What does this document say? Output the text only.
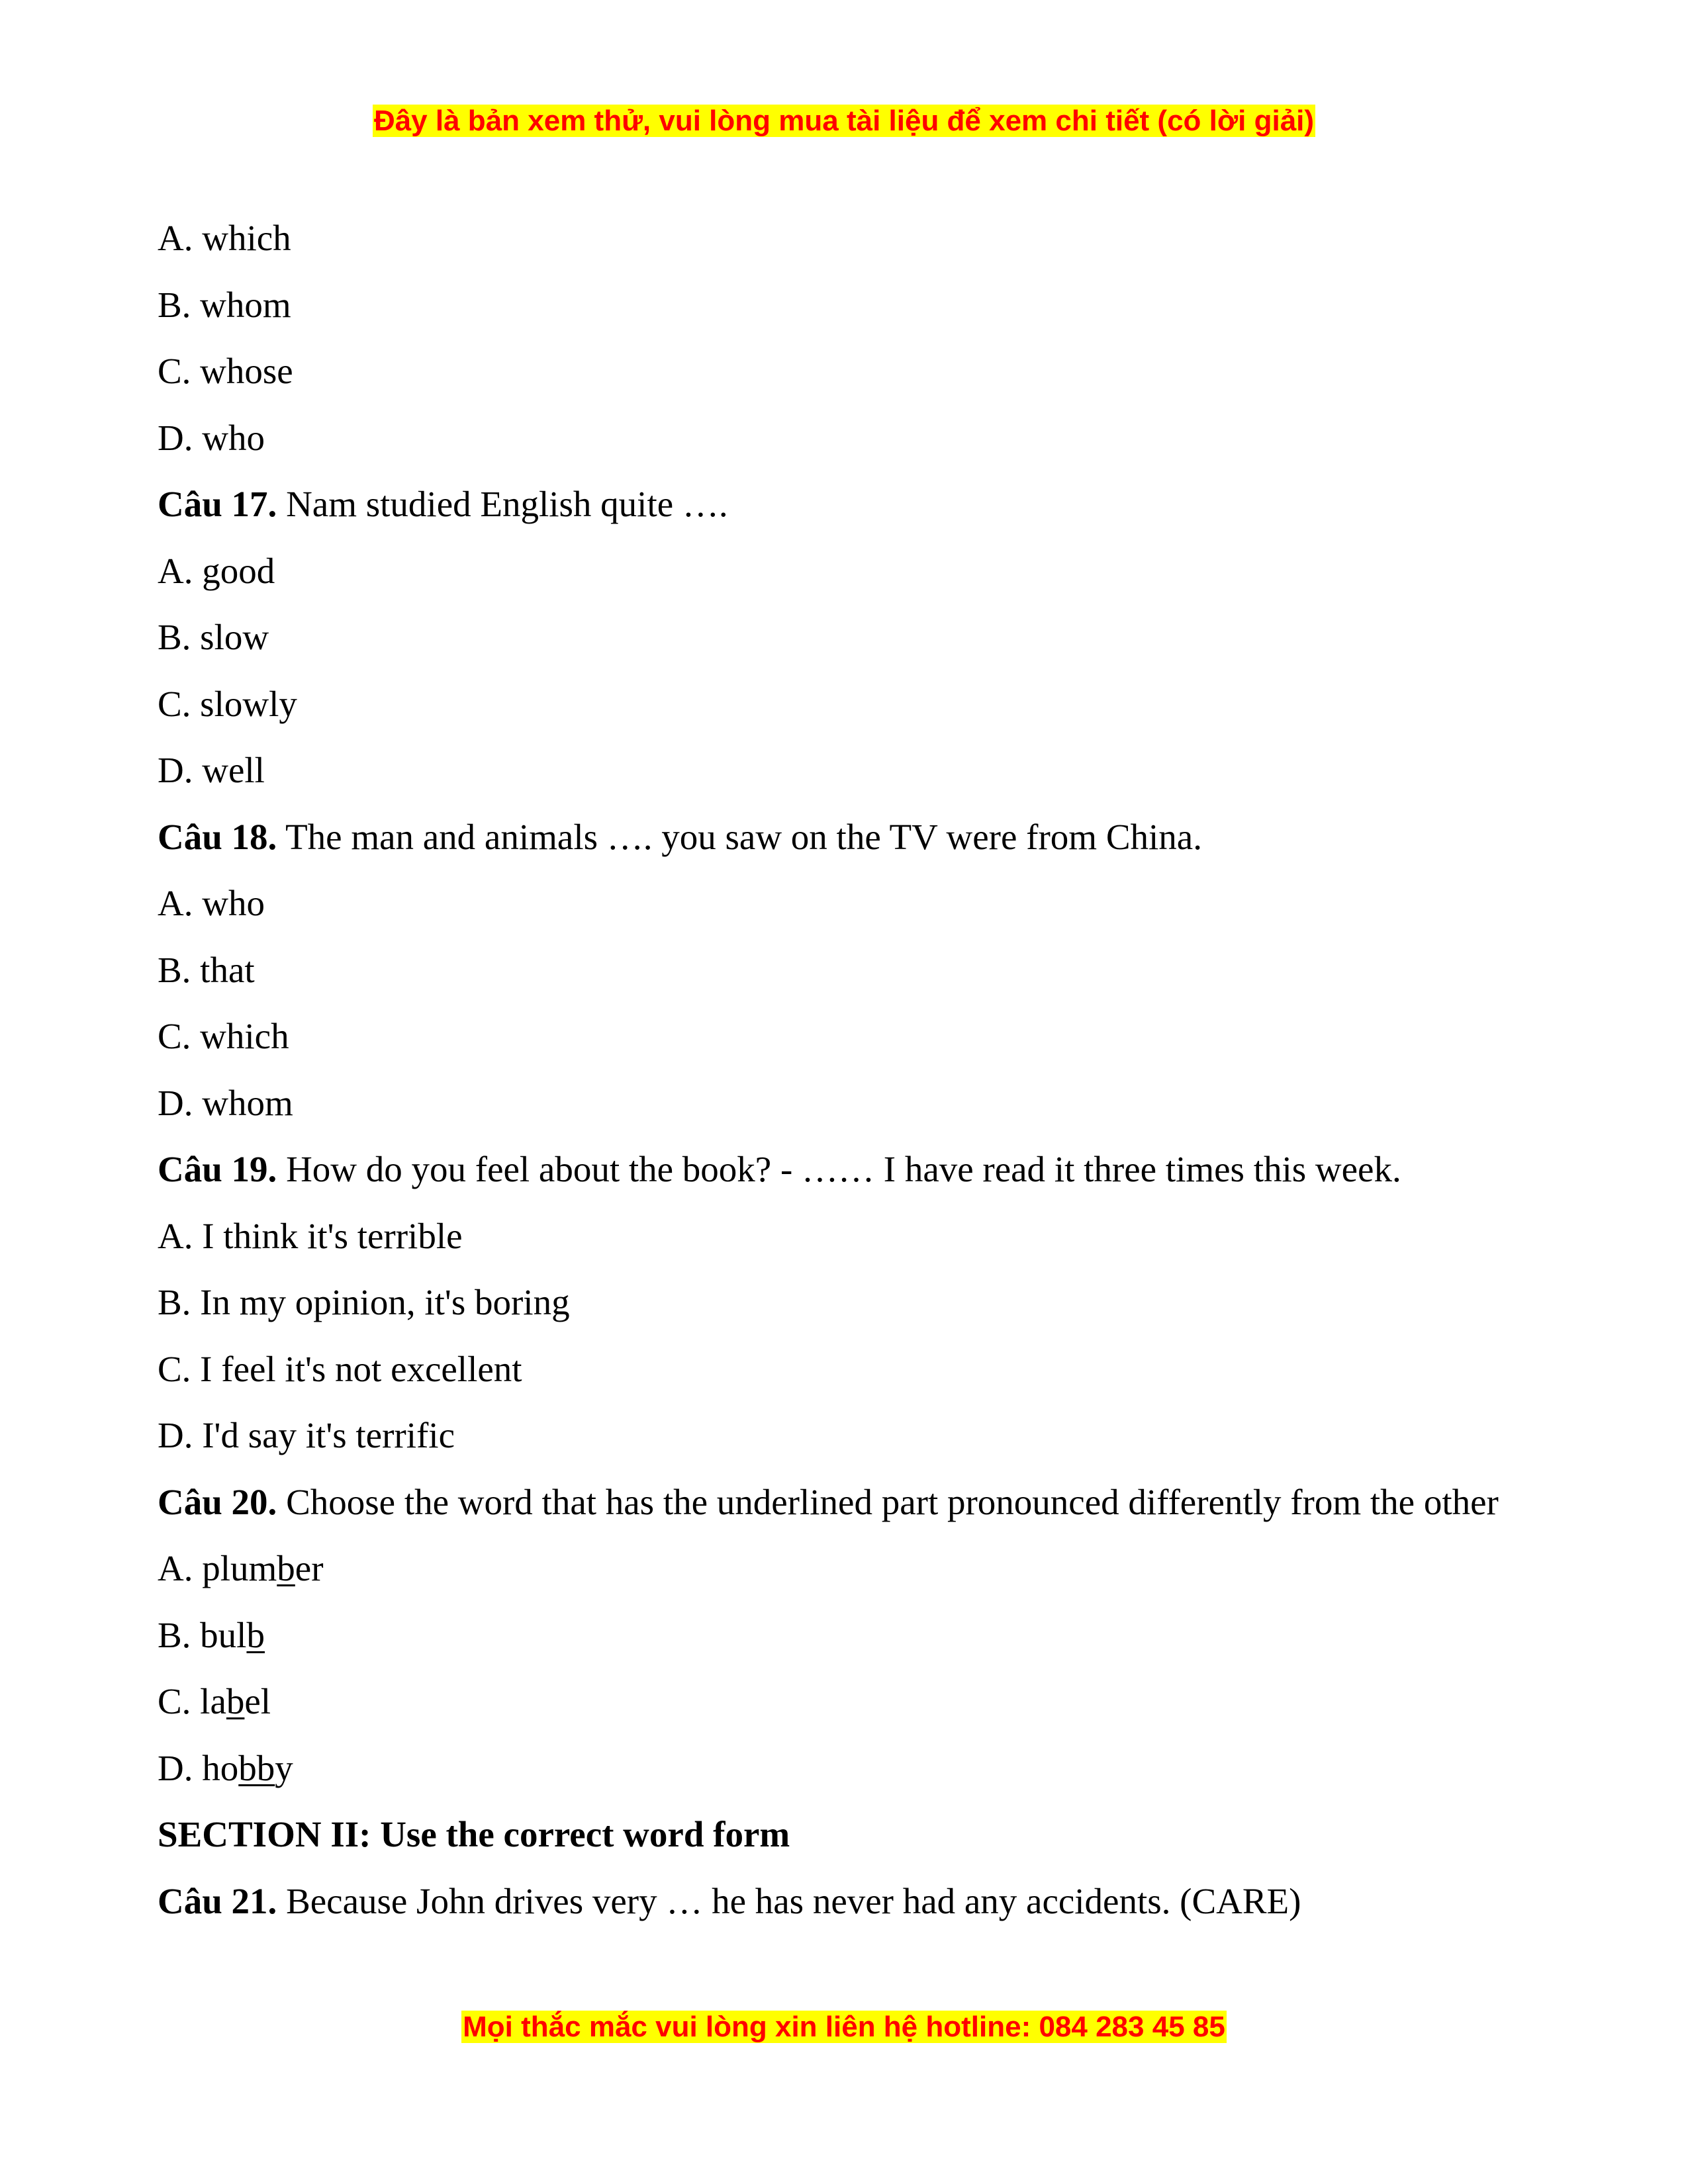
Đây là bản xem thử, vui lòng mua tài liệu để xem chi tiết (có lời giải)
A. which
B. whom
C. whose
D. who
Câu 17. Nam studied English quite ….
A. good
B. slow
C. slowly
D. well
Câu 18. The man and animals …. you saw on the TV were from China.
A. who
B. that
C. which
D. whom
Câu 19. How do you feel about the book? - …… I have read it three times this week.
A. I think it's terrible
B. In my opinion, it's boring
C. I feel it's not excellent
D. I'd say it's terrific
Câu 20. Choose the word that has the underlined part pronounced differently from the other
A. plumber
B. bulb
C. label
D. hobby
SECTION II: Use the correct word form
Câu 21. Because John drives very … he has never had any accidents. (CARE)
Mọi thắc mắc vui lòng xin liên hệ hotline: 084 283 45 85
